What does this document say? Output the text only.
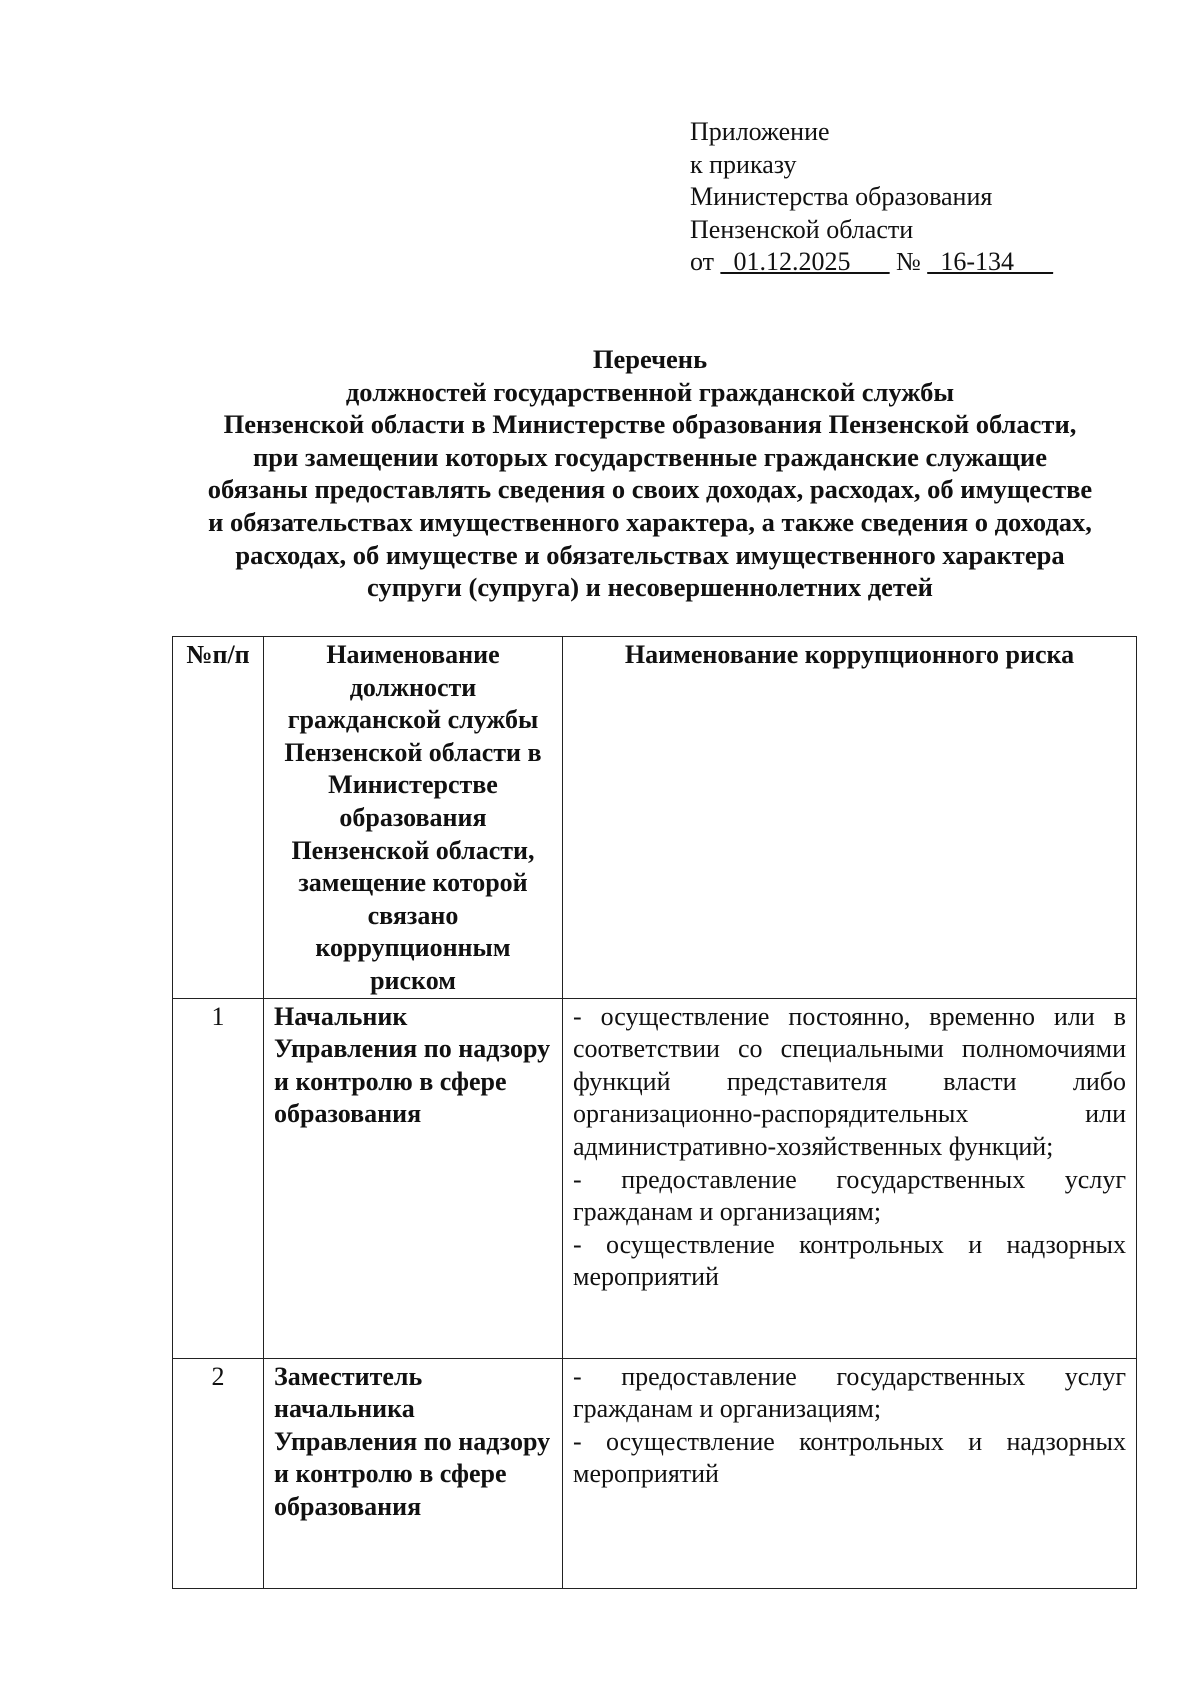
Приложение
к приказу
Министерства образования
Пензенской области
от _01.12.2025___ № _16-134___
Перечень
должностей государственной гражданской службы
Пензенской области в Министерстве образования Пензенской области,
при замещении которых государственные гражданские служащие
обязаны предоставлять сведения о своих доходах, расходах, об имуществе
и обязательствах имущественного характера, а также сведения о доходах,
расходах, об имуществе и обязательствах имущественного характера
супруги (супруга) и несовершеннолетних детей
№п/п	Наименование должности гражданской службы Пензенской области в Министерстве образования Пензенской области, замещение которой связано коррупционным риском	Наименование коррупционного риска
1	Начальник Управления по надзору и контролю в сфере образования	- осуществление постоянно, временно или в соответствии со специальными полномочиями функций представителя власти либо организационно-распорядительных или административно-хозяйственных функций;
- предоставление государственных услуг гражданам и организациям;
- осуществление контрольных и надзорных мероприятий

2	Заместитель начальника Управления по надзору и контролю в сфере образования	- предоставление государственных услуг гражданам и организациям;
- осуществление контрольных и надзорных мероприятий
